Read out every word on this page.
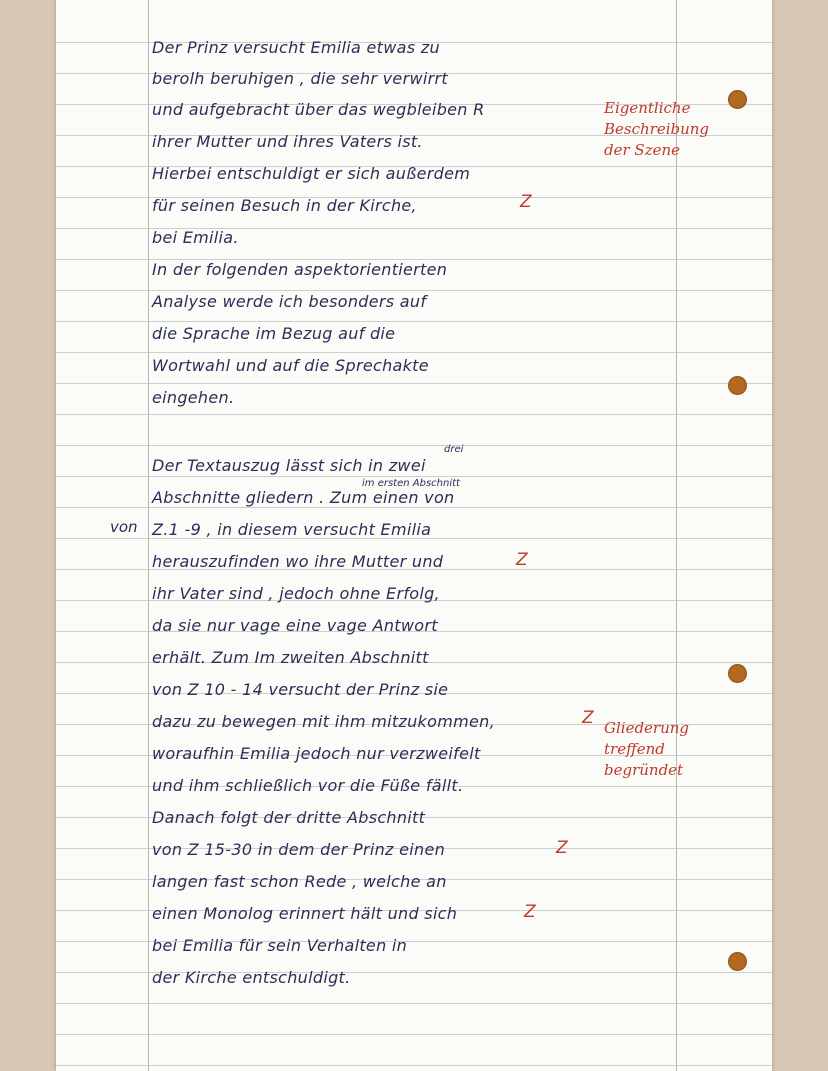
Der Prinz versucht Emilia etwas zu
berolh beruhigen , die sehr verwirrt
und aufgebracht über das wegbleiben R
ihrer Mutter und ihres Vaters ist.
Hierbei entschuldigt er sich außerdem
für seinen Besuch in der Kirche,
bei Emilia.
In der folgenden aspektorientierten
Analyse werde ich besonders auf
die Sprache im Bezug auf die
Wortwahl und auf die Sprechakte
eingehen.
drei
Der Textauszug lässt sich in zwei
im ersten Abschnitt
Abschnitte gliedern . Zum einen von
von Z.1 -9 , in diesem versucht Emilia
herauszufinden wo ihre Mutter und
ihr Vater sind , jedoch ohne Erfolg,
da sie nur vage eine vage Antwort
erhält. Zum Im zweiten Abschnitt
von Z 10 - 14 versucht der Prinz sie
dazu zu bewegen mit ihm mitzukommen,
woraufhin Emilia jedoch nur verzweifelt
und ihm schließlich vor die Füße fällt.
Danach folgt der dritte Abschnitt
von Z 15-30 in dem der Prinz einen
langen fast schon Rede , welche an
einen Monolog erinnert hält und sich
bei Emilia für sein Verhalten in
der Kirche entschuldigt.
Z
Z
Z
Z
Z
Eigentliche
Beschreibung
der Szene
Gliederung
treffend
begründet
